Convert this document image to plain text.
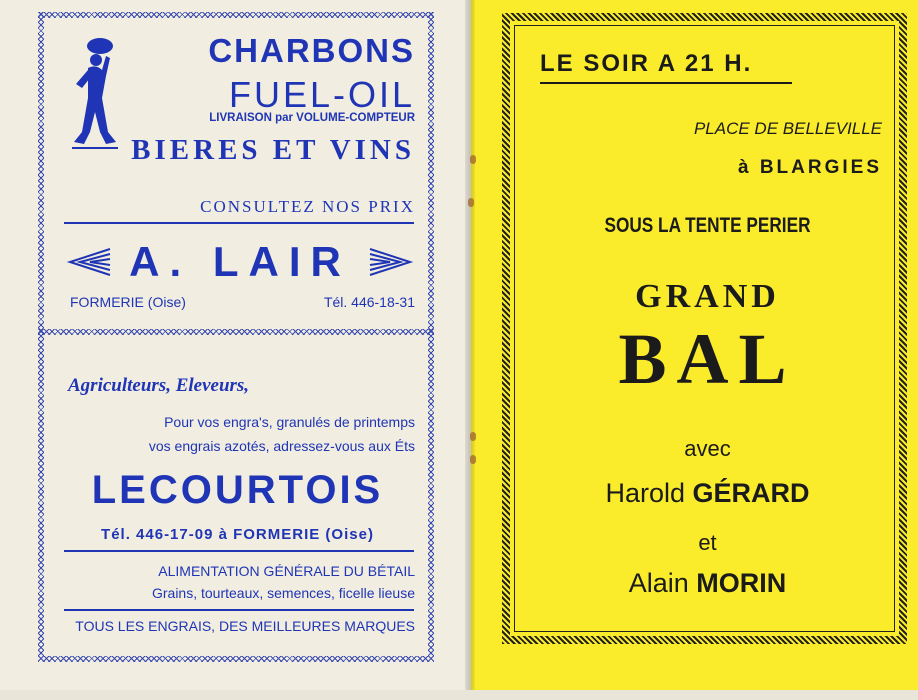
CHARBONS
FUEL-OIL
LIVRAISON par VOLUME-COMPTEUR
BIERES ET VINS
CONSULTEZ NOS PRIX
A. LAIR
FORMERIE (Oise)	Tél. 446-18-31
Agriculteurs, Eleveurs,
Pour vos engra's, granulés de printemps
vos engrais azotés, adressez-vous aux Éts
LECOURTOIS
Tél. 446-17-09 à FORMERIE (Oise)
ALIMENTATION GÉNÉRALE DU BÉTAIL
Grains, tourteaux, semences, ficelle lieuse
TOUS LES ENGRAIS, DES MEILLEURES MARQUES
LE SOIR A 21 H.
PLACE DE BELLEVILLE
à BLARGIES
SOUS LA TENTE PERIER
GRAND
BAL
avec
Harold GÉRARD
et
Alain MORIN
